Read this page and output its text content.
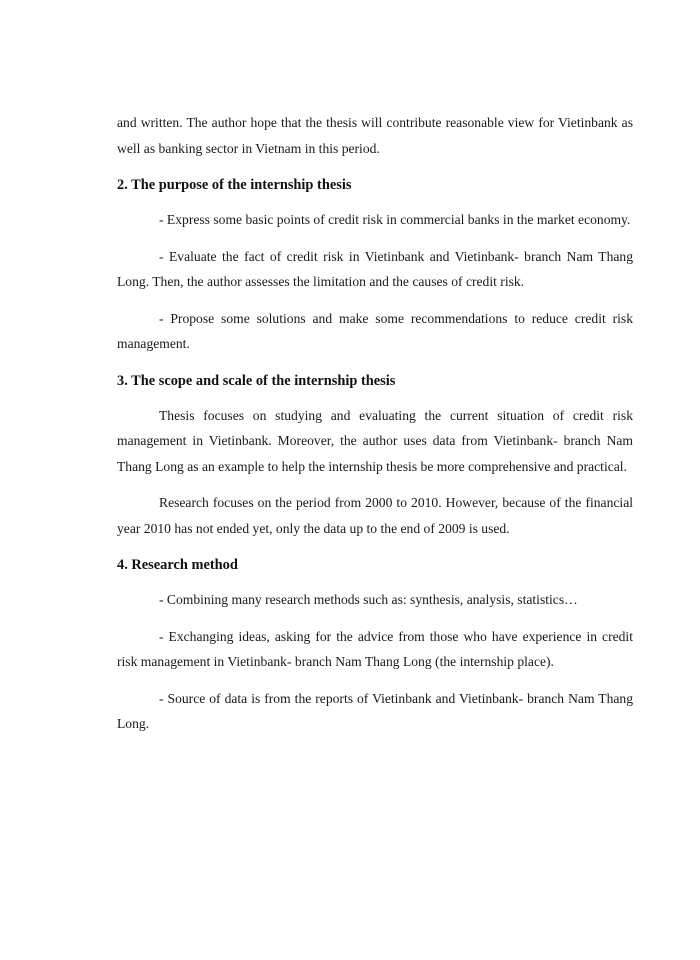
and written. The author hope that the thesis will contribute reasonable view for Vietinbank as well as banking sector in Vietnam in this period.

2. The purpose of the internship thesis

- Express some basic points of credit risk in commercial banks in the market economy.

- Evaluate the fact of credit risk in Vietinbank and Vietinbank- branch Nam Thang Long. Then, the author assesses the limitation and the causes of credit risk.

- Propose some solutions and make some recommendations to reduce credit risk management.

3. The scope and scale of the internship thesis

Thesis focuses on studying and evaluating the current situation of credit risk management in Vietinbank. Moreover, the author uses data from Vietinbank- branch Nam Thang Long as an example to help the internship thesis be more comprehensive and practical.

Research focuses on the period from 2000 to 2010. However, because of the financial year 2010 has not ended yet, only the data up to the end of 2009 is used.

4. Research method

- Combining many research methods such as: synthesis, analysis, statistics…

- Exchanging ideas, asking for the advice from those who have experience in credit risk management in Vietinbank- branch Nam Thang Long (the internship place).

- Source of data is from the reports of Vietinbank and Vietinbank- branch Nam Thang Long.
